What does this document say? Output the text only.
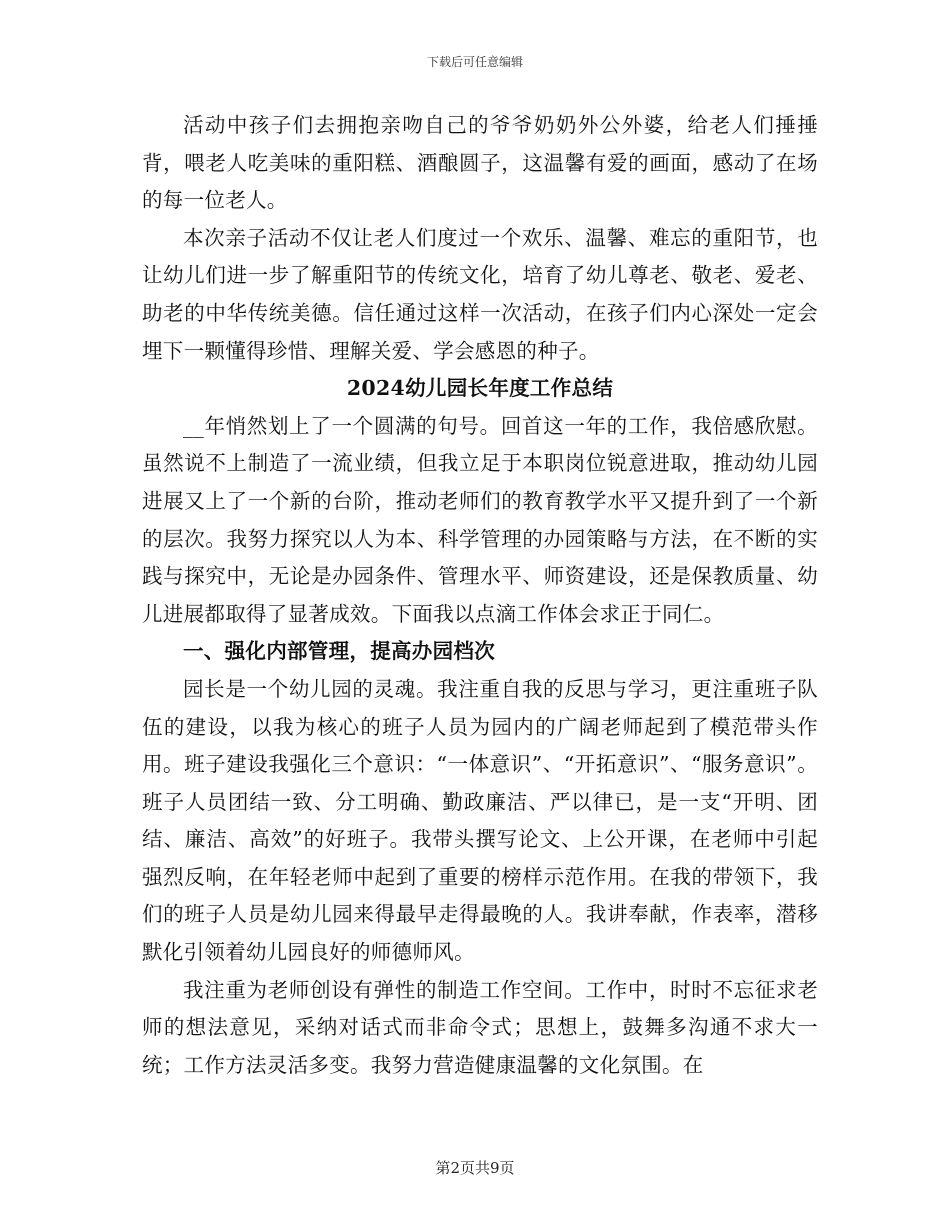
下载后可任意编辑

活动中孩子们去拥抱亲吻自己的爷爷奶奶外公外婆，给老人们捶捶背，喂老人吃美味的重阳糕、酒酿圆子，这温馨有爱的画面，感动了在场的每一位老人。

本次亲子活动不仅让老人们度过一个欢乐、温馨、难忘的重阳节，也让幼儿们进一步了解重阳节的传统文化，培育了幼儿尊老、敬老、爱老、助老的中华传统美德。信任通过这样一次活动，在孩子们内心深处一定会埋下一颗懂得珍惜、理解关爱、学会感恩的种子。

2024幼儿园长年度工作总结

__年悄然划上了一个圆满的句号。回首这一年的工作，我倍感欣慰。虽然说不上制造了一流业绩，但我立足于本职岗位锐意进取，推动幼儿园进展又上了一个新的台阶，推动老师们的教育教学水平又提升到了一个新的层次。我努力探究以人为本、科学管理的办园策略与方法，在不断的实践与探究中，无论是办园条件、管理水平、师资建设，还是保教质量、幼儿进展都取得了显著成效。下面我以点滴工作体会求正于同仁。

一、强化内部管理，提高办园档次

园长是一个幼儿园的灵魂。我注重自我的反思与学习，更注重班子队伍的建设，以我为核心的班子人员为园内的广阔老师起到了模范带头作用。班子建设我强化三个意识：“一体意识”、“开拓意识”、“服务意识”。班子人员团结一致、分工明确、勤政廉洁、严以律已，是一支“开明、团结、廉洁、高效”的好班子。我带头撰写论文、上公开课，在老师中引起强烈反响，在年轻老师中起到了重要的榜样示范作用。在我的带领下，我们的班子人员是幼儿园来得最早走得最晚的人。我讲奉献，作表率，潜移默化引领着幼儿园良好的师德师风。

我注重为老师创设有弹性的制造工作空间。工作中，时时不忘征求老师的想法意见，采纳对话式而非命令式；思想上，鼓舞多沟通不求大一统；工作方法灵活多变。我努力营造健康温馨的文化氛围。在

第2页共9页
